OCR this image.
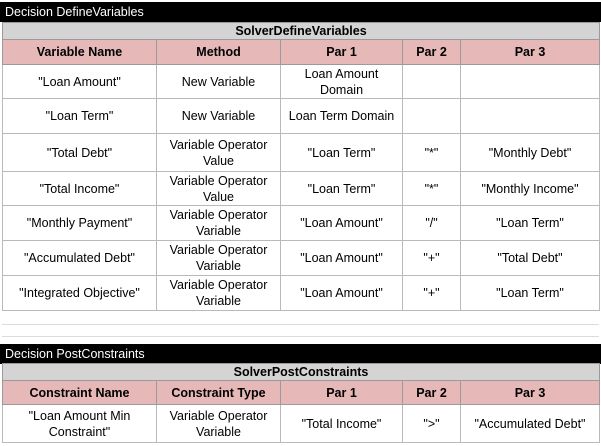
Decision DefineVariables
SolverDefineVariables				
Variable Name	Method	Par 1	Par 2	Par 3
"Loan Amount"	New Variable	Loan Amount Domain		
"Loan Term"	New Variable	Loan Term Domain		
"Total Debt"	Variable Operator Value	"Loan Term"	"*"	"Monthly Debt"
"Total Income"	Variable Operator Value	"Loan Term"	"*"	"Monthly Income"
"Monthly Payment"	Variable Operator Variable	"Loan Amount"	"/"	"Loan Term"
"Accumulated Debt"	Variable Operator Variable	"Loan Amount"	"+"	"Total Debt"
"Integrated Objective"	Variable Operator Variable	"Loan Amount"	"+"	"Loan Term"
Decision PostConstraints
SolverPostConstraints				
Constraint Name	Constraint Type	Par 1	Par 2	Par 3
"Loan Amount Min Constraint"	Variable Operator Variable	"Total Income"	">"	"Accumulated Debt"
